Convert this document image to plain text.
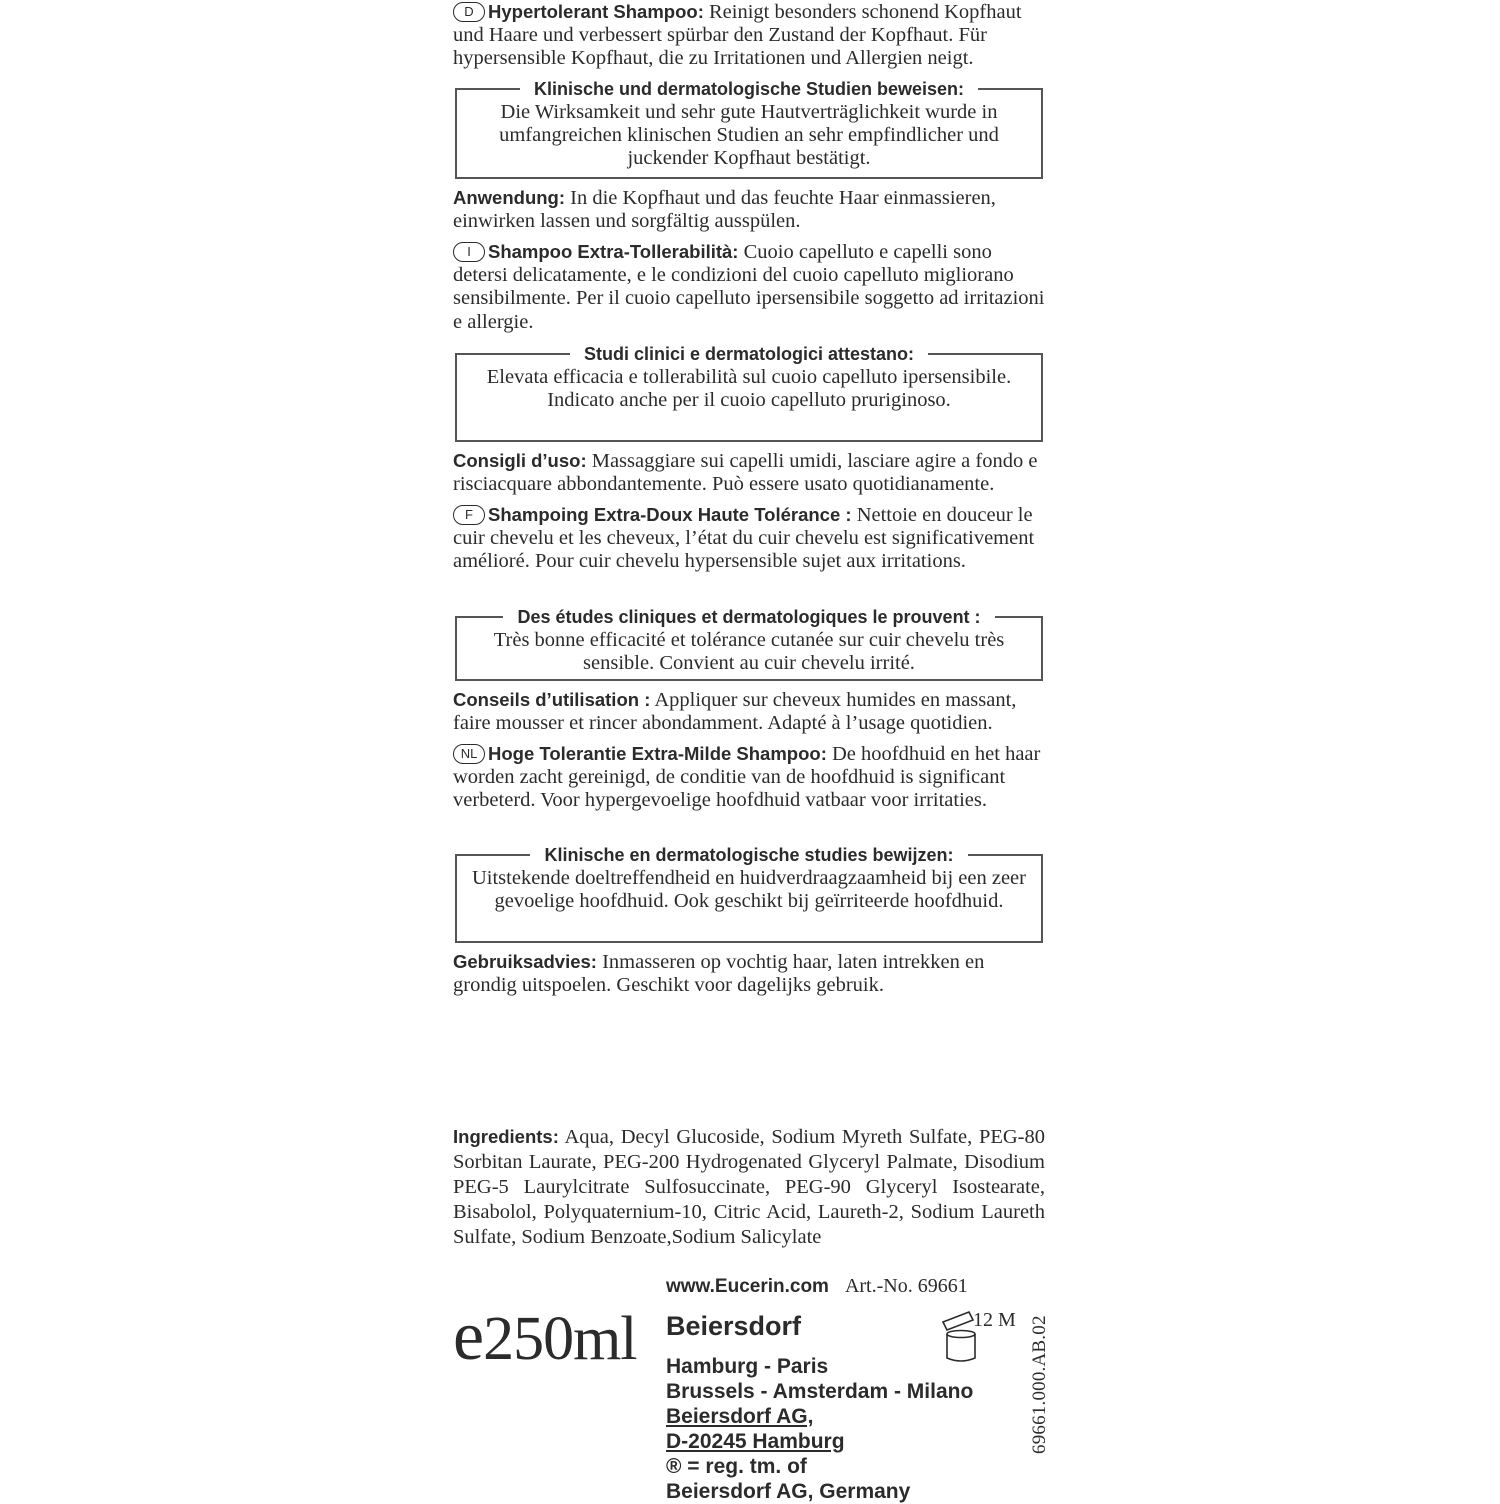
D Hypertolerant Shampoo: Reinigt besonders schonend Kopfhaut und Haare und verbessert spürbar den Zustand der Kopfhaut. Für hypersensible Kopfhaut, die zu Irritationen und Allergien neigt.

Klinische und dermatologische Studien beweisen:
Die Wirksamkeit und sehr gute Hautverträglichkeit wurde in umfangreichen klinischen Studien an sehr empfindlicher und juckender Kopfhaut bestätigt.

Anwendung: In die Kopfhaut und das feuchte Haar einmassieren, einwirken lassen und sorgfältig ausspülen.

I Shampoo Extra-Tollerabilità: Cuoio capelluto e capelli sono detersi delicatamente, e le condizioni del cuoio capelluto migliorano sensibilmente. Per il cuoio capelluto ipersensibile soggetto ad irritazioni e allergie.

Studi clinici e dermatologici attestano:
Elevata efficacia e tollerabilità sul cuoio capelluto ipersensibile. Indicato anche per il cuoio capelluto pruriginoso.

Consigli d’uso: Massaggiare sui capelli umidi, lasciare agire a fondo e risciacquare abbondantemente. Può essere usato quotidianamente.

F Shampoing Extra-Doux Haute Tolérance : Nettoie en douceur le cuir chevelu et les cheveux, l’état du cuir chevelu est significativement amélioré. Pour cuir chevelu hypersensible sujet aux irritations.

Des études cliniques et dermatologiques le prouvent :
Très bonne efficacité et tolérance cutanée sur cuir chevelu très sensible. Convient au cuir chevelu irrité.

Conseils d’utilisation : Appliquer sur cheveux humides en massant, faire mousser et rincer abondamment. Adapté à l’usage quotidien.

NL Hoge Tolerantie Extra-Milde Shampoo: De hoofdhuid en het haar worden zacht gereinigd, de conditie van de hoofdhuid is significant verbeterd. Voor hypergevoelige hoofdhuid vatbaar voor irritaties.

Klinische en dermatologische studies bewijzen:
Uitstekende doeltreffendheid en huidverdraagzaamheid bij een zeer gevoelige hoofdhuid. Ook geschikt bij geïrriteerde hoofdhuid.

Gebruiksadvies: Inmasseren op vochtig haar, laten intrekken en grondig uitspoelen. Geschikt voor dagelijks gebruik.

Ingredients: Aqua, Decyl Glucoside, Sodium Myreth Sulfate, PEG-80 Sorbitan Laurate, PEG-200 Hydrogenated Glyceryl Palmate, Disodium PEG-5 Laurylcitrate Sulfosuccinate, PEG-90 Glyceryl Isostearate, Bisabolol, Polyquaternium-10, Citric Acid, Laureth-2, Sodium Laureth Sulfate, Sodium Benzoate,Sodium Salicylate

www.Eucerin.com Art.-No. 69661
e250ml Beiersdorf
Hamburg - Paris
Brussels - Amsterdam - Milano
Beiersdorf AG,
D-20245 Hamburg
® = reg. tm. of
Beiersdorf AG, Germany
12 M 69661.000.AB.02
